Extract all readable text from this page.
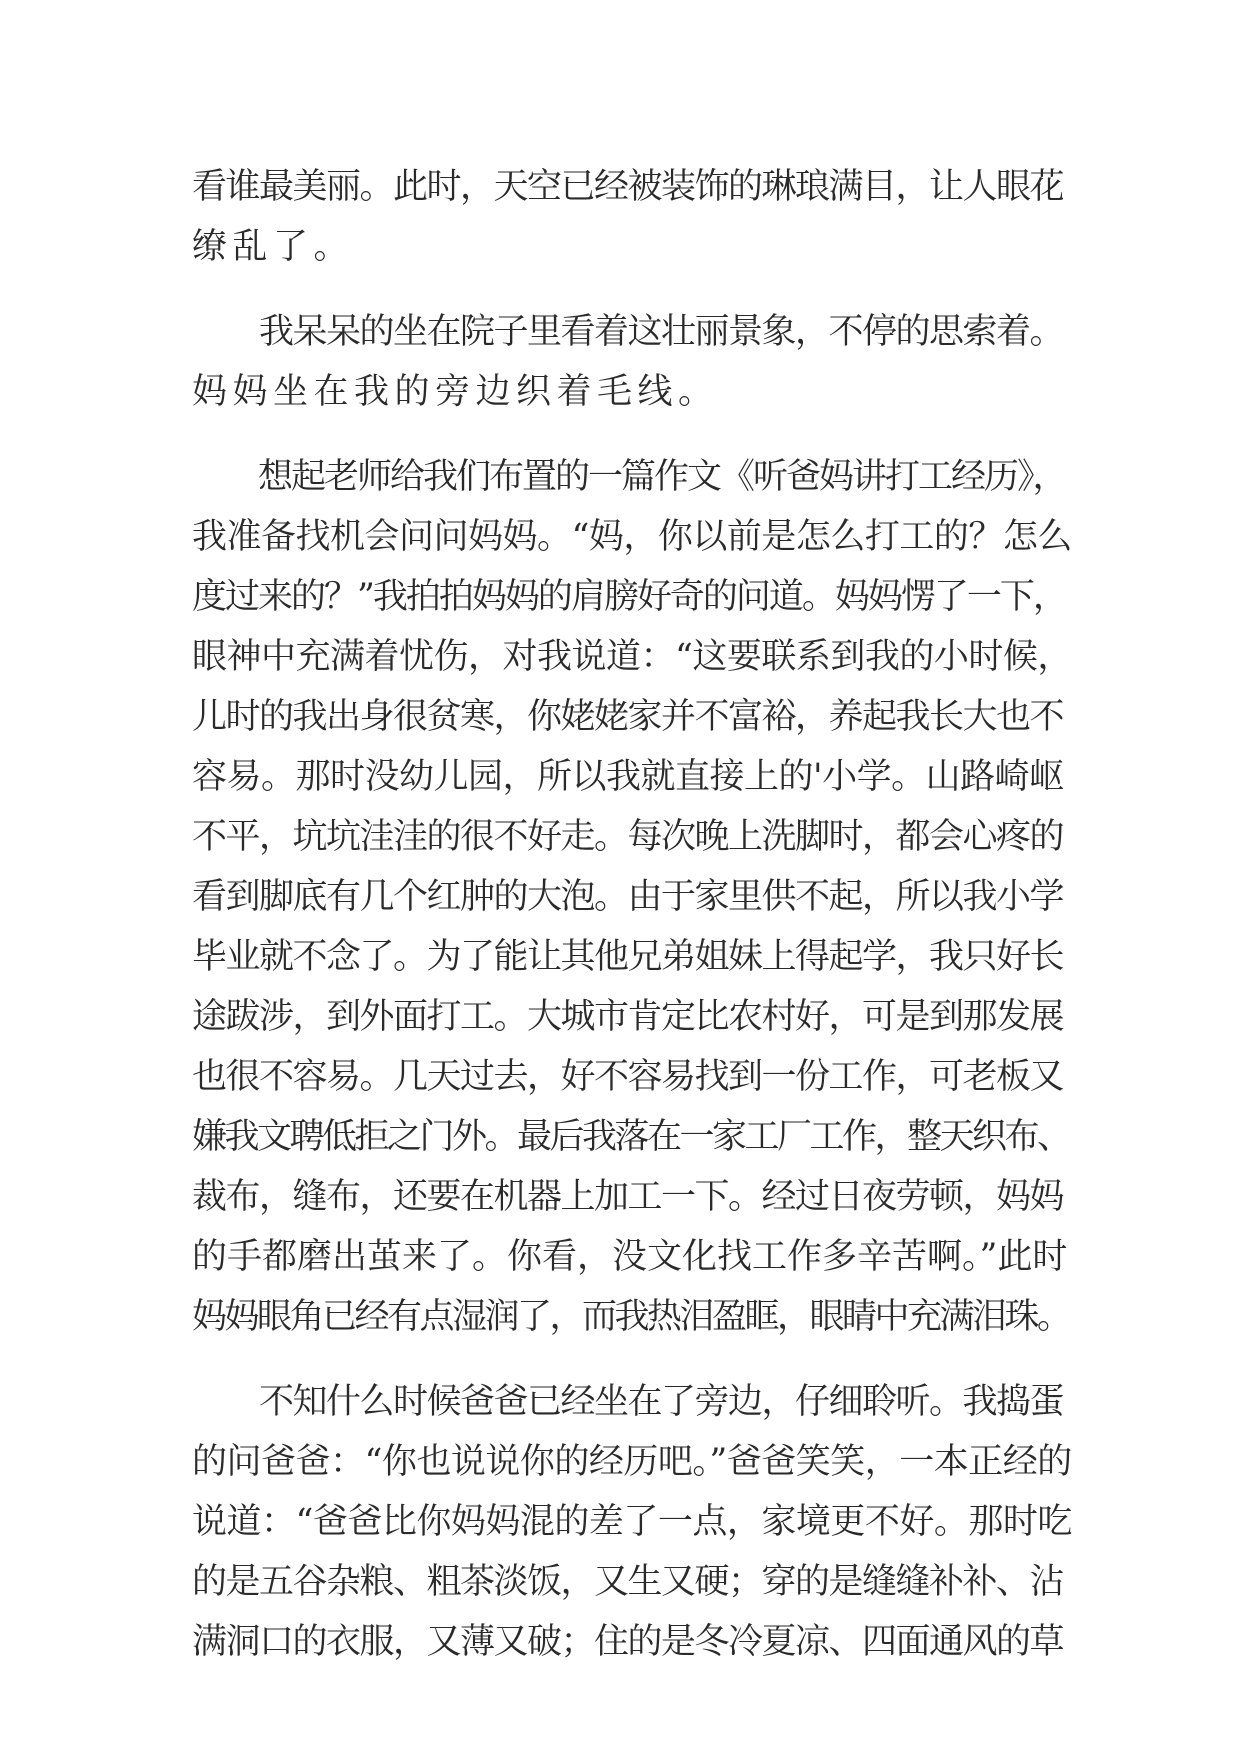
看谁最美丽。此时，天空已经被装饰的琳琅满目，让人眼花
缭乱了。
　　我呆呆的坐在院子里看着这壮丽景象，不停的思索着。
妈妈坐在我的旁边织着毛线。
　　想起老师给我们布置的一篇作文《听爸妈讲打工经历》，
我准备找机会问问妈妈。“妈，你以前是怎么打工的？怎么
度过来的？”我拍拍妈妈的肩膀好奇的问道。妈妈愣了一下，
眼神中充满着忧伤，对我说道：“这要联系到我的小时候，
儿时的我出身很贫寒，你姥姥家并不富裕，养起我长大也不
容易。那时没幼儿园，所以我就直接上的'小学。山路崎岖
不平，坑坑洼洼的很不好走。每次晚上洗脚时，都会心疼的
看到脚底有几个红肿的大泡。由于家里供不起，所以我小学
毕业就不念了。为了能让其他兄弟姐妹上得起学，我只好长
途跋涉，到外面打工。大城市肯定比农村好，可是到那发展
也很不容易。几天过去，好不容易找到一份工作，可老板又
嫌我文聘低拒之门外。最后我落在一家工厂工作，整天织布、
裁布，缝布，还要在机器上加工一下。经过日夜劳顿，妈妈
的手都磨出茧来了。你看，没文化找工作多辛苦啊。”此时
妈妈眼角已经有点湿润了，而我热泪盈眶，眼睛中充满泪珠。
　　不知什么时候爸爸已经坐在了旁边，仔细聆听。我捣蛋
的问爸爸：“你也说说你的经历吧。”爸爸笑笑，一本正经的
说道：“爸爸比你妈妈混的差了一点，家境更不好。那时吃
的是五谷杂粮、粗茶淡饭，又生又硬；穿的是缝缝补补、沾
满洞口的衣服，又薄又破；住的是冬冷夏凉、四面通风的草
